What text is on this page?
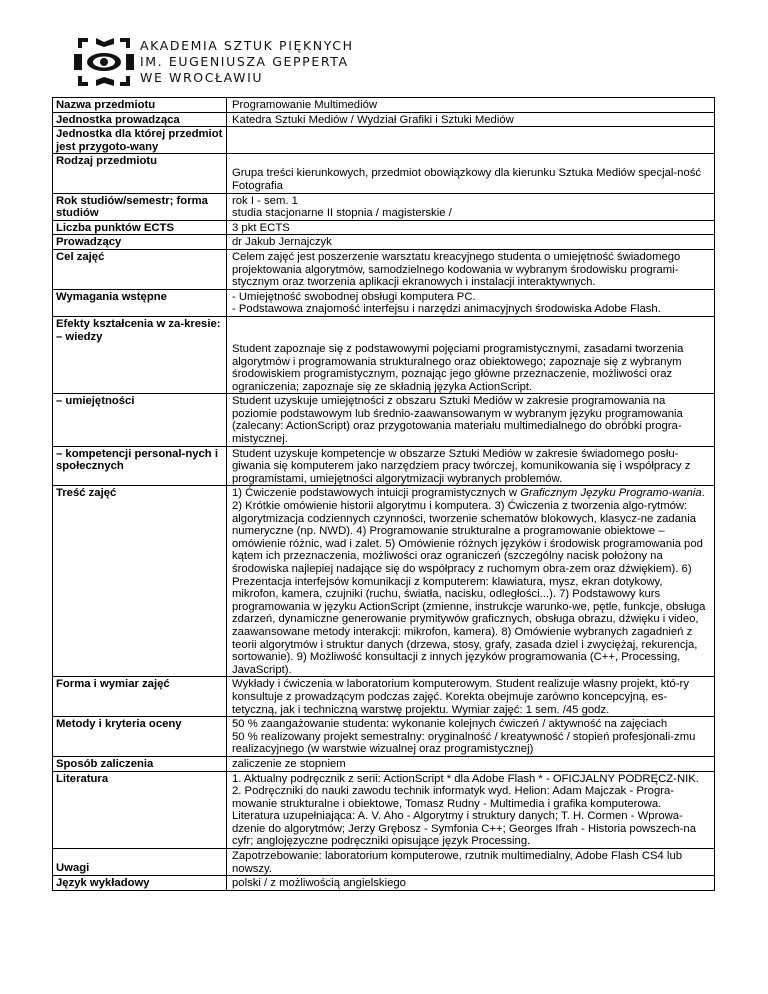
AKADEMIA SZTUK PIĘKNYCH
IM. EUGENIUSZA GEPPERTA
WE WROCŁAWIU
Nazwa przedmiotu	Programowanie Multimediów
Jednostka prowadząca	Katedra Sztuki Mediów / Wydział Grafiki i Sztuki Mediów
Jednostka dla której przedmiot jest przygoto-wany	
Rodzaj przedmiotu	Grupa treści kierunkowych, przedmiot obowiązkowy dla kierunku Sztuka Mediów specjal-ność Fotografia
Rok studiów/semestr; forma studiów	rok I - sem. 1
studia stacjonarne II stopnia / magisterskie /

Liczba punktów ECTS	3 pkt ECTS
Prowadzący	dr Jakub Jernajczyk
Cel zajęć	Celem zajęć jest poszerzenie warsztatu kreacyjnego studenta o umiejętność świadomego projektowania algorytmów, samodzielnego kodowania w wybranym środowisku programi-stycznym oraz tworzenia aplikacji ekranowych i instalacji interaktywnych.
Wymagania wstępne	- Umiejętność swobodnej obsługi komputera PC.
- Podstawowa znajomość interfejsu i narzędzi animacyjnych środowiska Adobe Flash.

Efekty kształcenia w za-kresie:
– wiedzy	Student zapoznaje się z podstawowymi pojęciami programistycznymi, zasadami tworzenia algorytmów i programowania strukturalnego oraz obiektowego; zapoznaje się z wybranym środowiskiem programistycznym, poznając jego główne przeznaczenie, możliwości oraz ograniczenia; zapoznaje się ze składnią języka ActionScript.
– umiejętności	Student uzyskuje umiejętności z obszaru Sztuki Mediów w zakresie programowania na poziomie podstawowym lub średnio-zaawansowanym w wybranym języku programowania (zalecany: ActionScript) oraz przygotowania materiału multimedialnego do obróbki progra-mistycznej.
– kompetencji personal-nych i społecznych	Student uzyskuje kompetencje w obszarze Sztuki Mediów w zakresie świadomego posłu-giwania się komputerem jako narzędziem pracy twórczej, komunikowania się i współpracy z programistami, umiejętności algorytmizacji wybranych problemów.
Treść zajęć	1) Ćwiczenie podstawowych intuicji programistycznych w Graficznym Języku Programo-wania. 2) Krótkie omówienie historii algorytmu i komputera. 3) Ćwiczenia z tworzenia algo-rytmów: algorytmizacja codziennych czynności, tworzenie schematów blokowych, klasycz-ne zadania numeryczne (np. NWD). 4) Programowanie strukturalne a programowanie obiektowe – omówienie różnic, wad i zalet. 5) Omówienie różnych języków i środowisk programowania pod kątem ich przeznaczenia, możliwości oraz ograniczeń (szczególny nacisk położony na środowiska najlepiej nadające się do współpracy z ruchomym obra-zem oraz dźwiękiem). 6) Prezentacja interfejsów komunikacji z komputerem: klawiatura, mysz, ekran dotykowy, mikrofon, kamera, czujniki (ruchu, światła, nacisku, odległości...). 7) Podstawowy kurs programowania w języku ActionScript (zmienne, instrukcje warunko-we, pętle, funkcje, obsługa zdarzeń, dynamiczne generowanie prymitywów graficznych, obsługa obrazu, dźwięku i video, zaawansowane metody interakcji: mikrofon, kamera). 8) Omówienie wybranych zagadnień z teorii algorytmów i struktur danych (drzewa, stosy, grafy, zasada dziel i zwyciężaj, rekurencja, sortowanie). 9) Możliwość konsultacji z innych języków programowania (C++, Processing, JavaScript).
Forma i wymiar zajęć	Wykłady i ćwiczenia w laboratorium komputerowym. Student realizuje własny projekt, któ-ry konsultuje z prowadzącym podczas zajęć. Korekta obejmuje zarówno koncepcyjną, es-tetyczną, jak i techniczną warstwę projektu. Wymiar zajęć: 1 sem. /45 godz.
Metody i kryteria oceny	50 % zaangażowanie studenta: wykonanie kolejnych ćwiczeń / aktywność na zajęciach
50 % realizowany projekt semestralny: oryginalność / kreatywność / stopień profesjonali-zmu realizacyjnego (w warstwie wizualnej oraz programistycznej)

Sposób zaliczenia	zaliczenie ze stopniem
Literatura	1. Aktualny podręcznik z serii: ActionScript * dla Adobe Flash * - OFICJALNY PODRĘCZ-NIK.
2. Podręczniki do nauki zawodu technik informatyk wyd. Helion: Adam Majczak - Progra-mowanie strukturalne i obiektowe, Tomasz Rudny - Multimedia i grafika komputerowa.
Literatura uzupełniająca: A. V. Aho - Algorytmy i struktury danych; T. H. Cormen - Wprowa-dzenie do algorytmów; Jerzy Grębosz - Symfonia C++; Georges Ifrah - Historia powszech-na cyfr; anglojęzyczne podręczniki opisujące język Processing.

Uwagi	Zapotrzebowanie: laboratorium komputerowe, rzutnik multimedialny, Adobe Flash CS4 lub nowszy.
Język wykładowy	polski / z możliwością angielskiego
